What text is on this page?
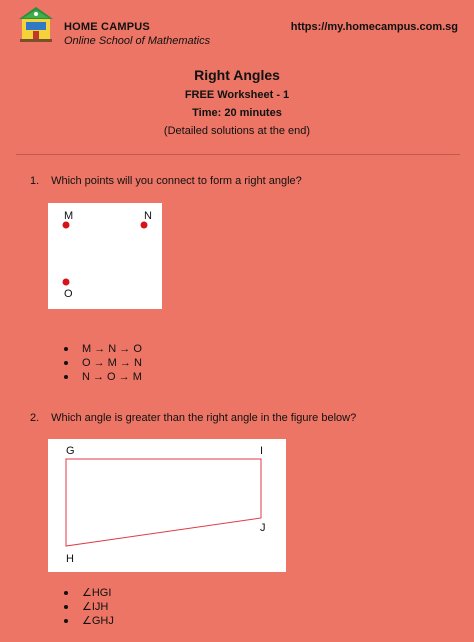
HOME CAMPUS
Online School of Mathematics
https://my.homecampus.com.sg
Right Angles
FREE Worksheet - 1
Time: 20 minutes
(Detailed solutions at the end)
1. Which points will you connect to form a right angle?
M	N
O
M → N → O
O → M → N
N → O → M
2. Which angle is greater than the right angle in the figure below?
G	I
J
H
∠HGI
∠IJH
∠GHJ
